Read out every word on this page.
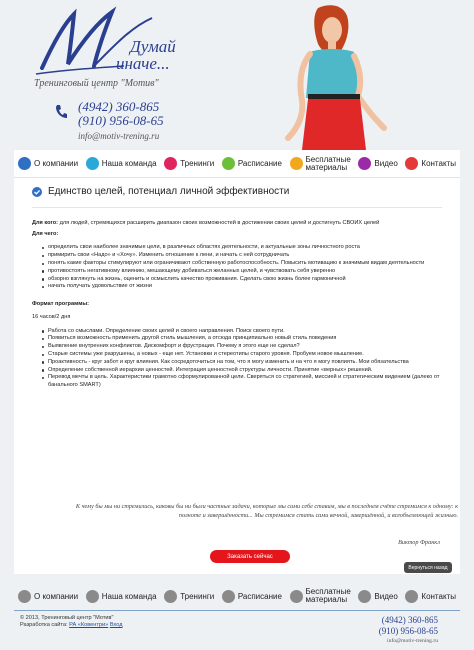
Думай
иначе...
Тренинговый центр "Мотив"
(4942) 360-865
(910) 956-08-65
info@motiv-trening.ru
О компании	Наша команда	Тренинги	Расписание	Бесплатные
материалы	Видео	Контакты
Единство целей, потенциал личной эффективности

Для кого: для людей, стремящихся расширить диапазон своих возможностей в достижении своих целей и достигнуть СВОИХ целей

Для чего:

определить свои наиболее значимые цели, в различных областях деятельности, и актуальные зоны личностного роста
примирить свои «Надо» и «Хочу». Изменить отношение к лени, и начать с ней сотрудничать
понять какие факторы стимулируют или ограничивают собственную работоспособность. Повысить мотивацию к значимым видам деятельности
противостоять негативному влиянию, мешающему добиваться желанных целей, и чувствовать себя уверенно
обзорно взглянуть на жизнь, оценить и осмыслить качество проживания. Сделать свою жизнь более гармоничной
начать получать удовольствие от жизни

Формат программы:

16 часов/2 дня

Работа со смыслами. Определение своих целей и своего направления. Поиск своего пути.
Появиться возможность применить другой стиль мышления, а отсюда принципиально новый стиль поведения
Выявление внутренних конфликтов. Дискомфорт и фрустрация. Почему я этого еще не сделал?
Старые системы уже разрушены, а новых - еще нет. Установки и стереотипы старого уровня. Пробуем новое мышление.
Проактивность - круг забот и круг влияния. Как сосредоточиться на том, что я могу изменить и на что я могу повлиять. Мои обязательства
Определение собственной иерархии ценностей. Интеграция ценностной структуры личности. Принятие «верных» решений.
Перевод мечты в цель. Характеристики грамотно сформулированной цели. Сверяться со стратегией, миссией и стратегическим видением (далеко от банального SMART)
К чему бы мы ни стремились, каковы бы ни были частные задачи, которые мы сами себе ставим, мы в последнем счёте стремимся к одному: к полноте и завершённости... Мы стремимся стать сами вечной, завершённой, и всеобъемлющей жизнью.
Виктор Франкл
Заказать сейчас
Вернуться назад
О компании	Наша команда	Тренинги	Расписание	Бесплатные
материалы	Видео	Контакты
© 2013, Тренинговый центр "Мотив"
Разработка сайта: РА «Ковентри» Вход	(4942) 360-865
(910) 956-08-65
info@motiv-trening.ru
